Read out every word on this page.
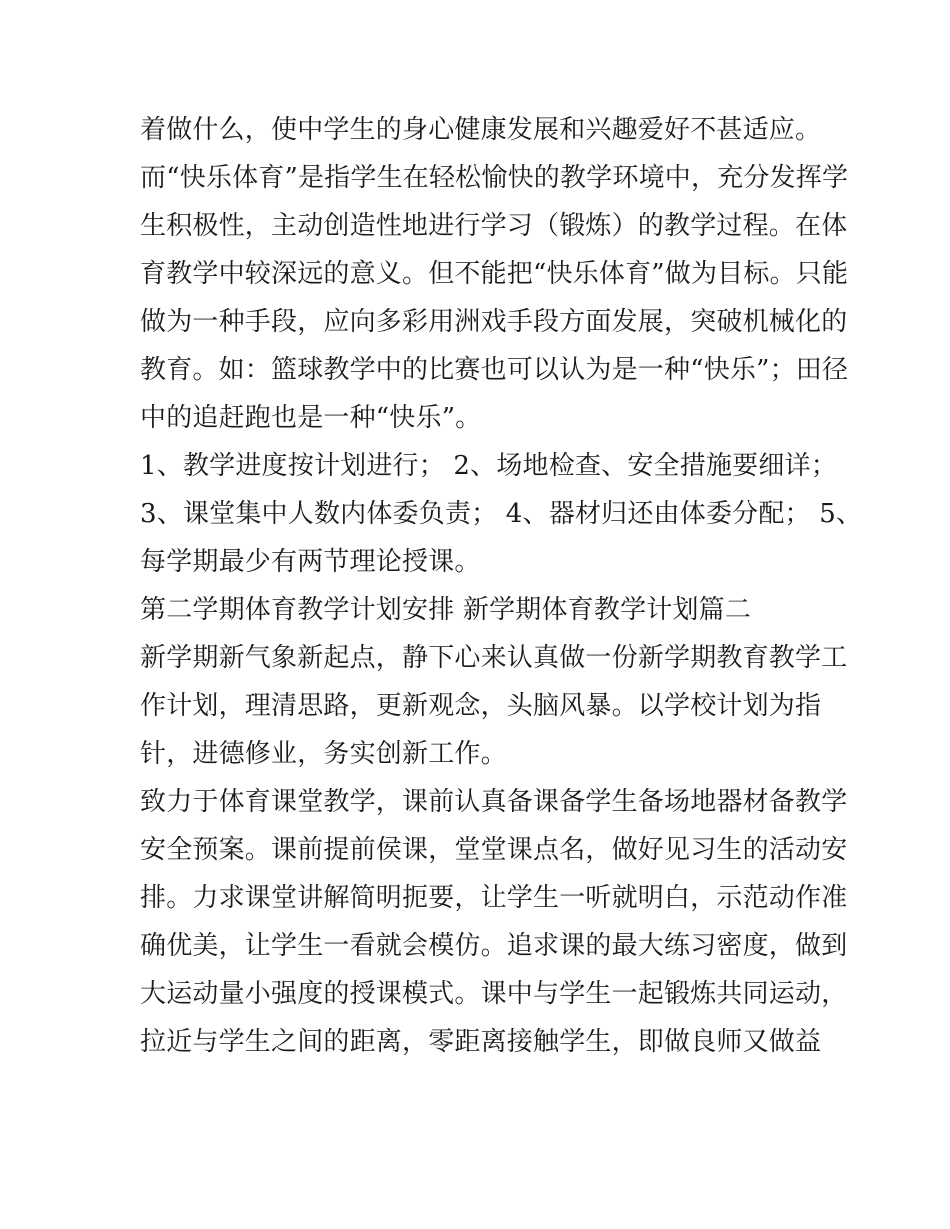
着做什么，使中学生的身心健康发展和兴趣爱好不甚适应。
而“快乐体育”是指学生在轻松愉快的教学环境中，充分发挥学
生积极性，主动创造性地进行学习（锻炼）的教学过程。在体
育教学中较深远的意义。但不能把“快乐体育”做为目标。只能
做为一种手段，应向多彩用洲戏手段方面发展，突破机械化的
教育。如：篮球教学中的比赛也可以认为是一种“快乐”；田径
中的追赶跑也是一种“快乐”。
1、教学进度按计划进行； 2、场地检查、安全措施要细详；
3、课堂集中人数内体委负责； 4、器材归还由体委分配； 5、
每学期最少有两节理论授课。
第二学期体育教学计划安排 新学期体育教学计划篇二
新学期新气象新起点，静下心来认真做一份新学期教育教学工
作计划，理清思路，更新观念，头脑风暴。以学校计划为指
针，进德修业，务实创新工作。
致力于体育课堂教学，课前认真备课备学生备场地器材备教学
安全预案。课前提前侯课，堂堂课点名，做好见习生的活动安
排。力求课堂讲解简明扼要，让学生一听就明白，示范动作准
确优美，让学生一看就会模仿。追求课的最大练习密度，做到
大运动量小强度的授课模式。课中与学生一起锻炼共同运动，
拉近与学生之间的距离，零距离接触学生，即做良师又做益
